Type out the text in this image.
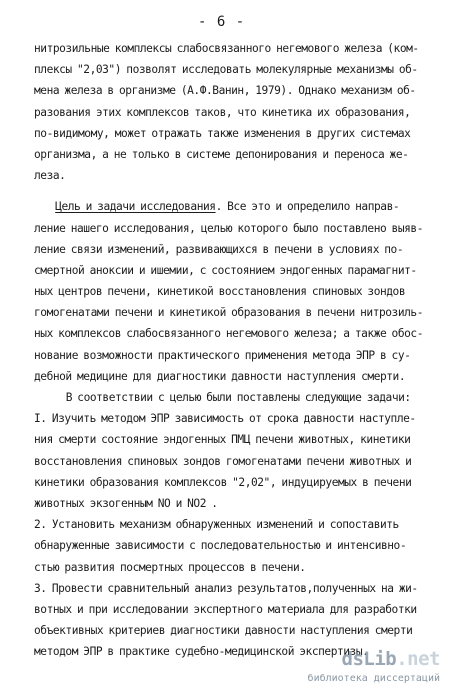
- 6 -
нитрозильные комплексы слабосвязанного негемового железа (ком-
плексы "2,03") позволят исследовать молекулярные механизмы об-
мена железа в организме (А.Ф.Ванин, 1979). Однако механизм об-
разования этих комплексов таков, что кинетика их образования,
по-видимому, может отражать также изменения в других системах
организма, а не только в системе депонирования и переноса же-
леза.
Цель и задачи исследования. Все это и определило направ-
ление нашего исследования, целью которого было поставлено выяв-
ление связи изменений, развивающихся в печени в условиях по-
смертной аноксии и ишемии, с состоянием эндогенных парамагнит-
ных центров печени, кинетикой восстановления спиновых зондов
гомогенатами печени и кинетикой образования в печени нитрозиль-
ных комплексов слабосвязанного негемового железа; а также обос-
нование возможности практического применения метода ЭПР в су-
дебной медицине для диагностики давности наступления смерти.
В соответствии с целью были поставлены следующие задачи:
I. Изучить методом ЭПР зависимость от срока давности наступле-
ния смерти состояние эндогенных ПМЦ печени животных, кинетики
восстановления спиновых зондов гомогенатами печени животных и
кинетики образования комплексов "2,02", индуцируемых в печени
животных экзогенным NO и NO2 .
2. Установить механизм обнаруженных изменений и сопоставить
обнаруженные зависимости с последовательностью и интенсивно-
стью развития посмертных процессов в печени.
3. Провести сравнительный анализ результатов,полученных на жи-
вотных и при исследовании экспертного материала для разработки
объективных критериев диагностики давности наступления смерти
методом ЭПР в практике судебно-медицинской экспертизы.
dsLib.net
библиотека диссертаций
